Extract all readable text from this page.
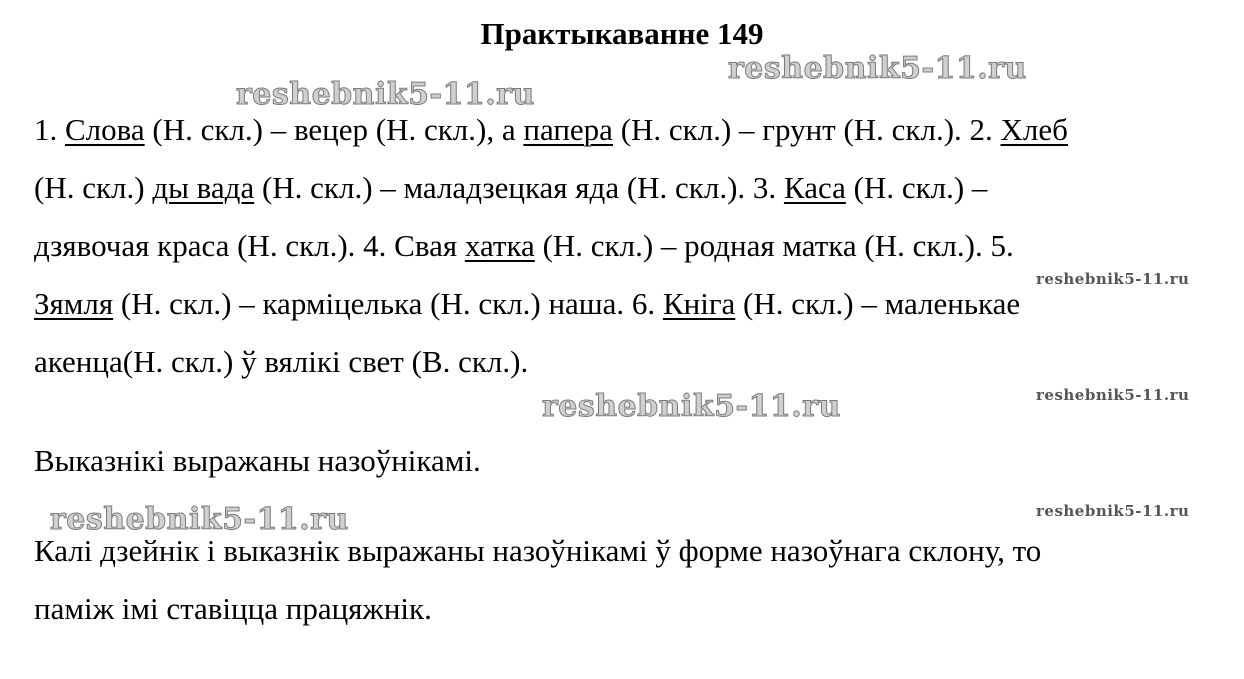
Практыкаванне 149
reshebnik5-11.ru
reshebnik5-11.ru
reshebnik5-11.ru
reshebnik5-11.ru
reshebnik5-11.ru
reshebnik5-11.ru
reshebnik5-11.ru
1. Слова (Н. скл.) – вецер (Н. скл.), а папера (Н. скл.) – грунт (Н. скл.). 2. Хлеб
(Н. скл.) ды вада (Н. скл.) – маладзецкая яда (Н. скл.). 3. Каса (Н. скл.) –
дзявочая краса (Н. скл.). 4. Свая хатка (Н. скл.) – родная матка (Н. скл.). 5.
Зямля (Н. скл.) – карміцелька (Н. скл.) наша. 6. Кніга (Н. скл.) – маленькае
акенца(Н. скл.) ў вялікі свет (В. скл.).
Выказнікі выражаны назоўнікамі.
Калі дзейнік і выказнік выражаны назоўнікамі ў форме назоўнага склону, то
паміж імі ставіцца працяжнік.
